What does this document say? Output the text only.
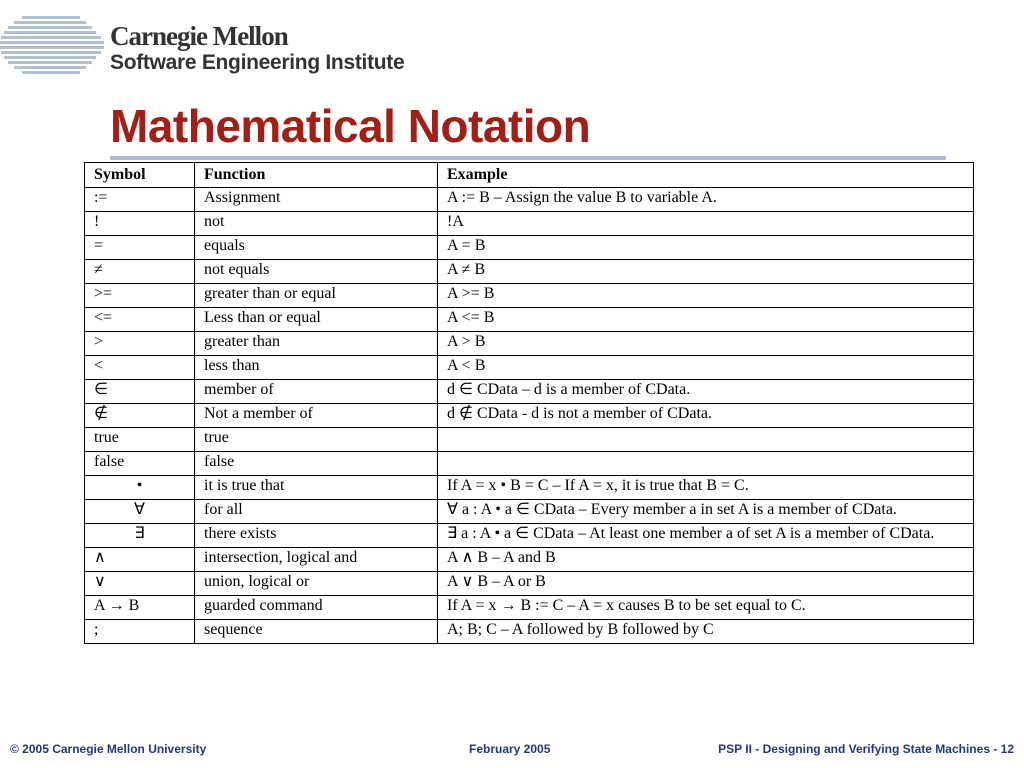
Carnegie Mellon
Software Engineering Institute
Mathematical Notation
Symbol	Function	Example
:=	Assignment	A := B – Assign the value B to variable A.
!	not	!A
=	equals	A = B
≠	not equals	A ≠ B
>=	greater than or equal	A >= B
<=	Less than or equal	A <= B
>	greater than	A > B
<	less than	A < B
∈	member of	d ∈ CData – d is a member of CData.
∉	Not a member of	d ∉ CData - d is not a member of CData.
true	true	
false	false	
•	it is true that	If A = x • B = C – If A = x, it is true that B = C.
∀	for all	∀ a : A • a ∈ CData – Every member a in set A is a member of CData.
∃	there exists	∃ a : A • a ∈ CData – At least one member a of set A is a member of CData.
∧	intersection, logical and	A ∧ B – A and B
∨	union, logical or	A ∨ B – A or B
A → B	guarded command	If A = x → B := C – A = x causes B to be set equal to C.
;	sequence	A; B; C – A followed by B followed by C
© 2005 Carnegie Mellon University	February 2005	PSP II - Designing and Verifying State Machines - 12
